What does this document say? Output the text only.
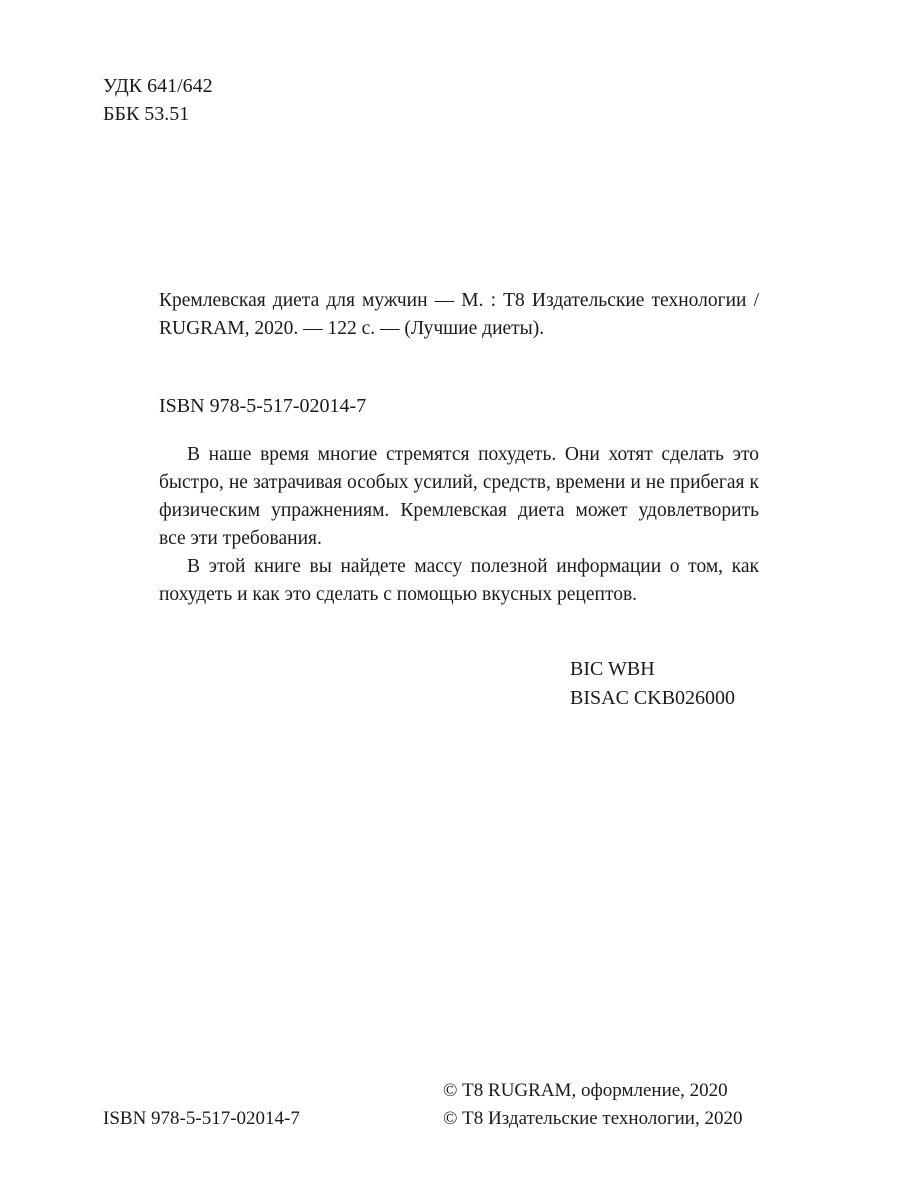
УДК 641/642
ББК 53.51
Кремлевская диета для мужчин — М. : Т8 Издательские технологии / RUGRAM, 2020. — 122 с. — (Лучшие диеты).
ISBN 978-5-517-02014-7

В наше время многие стремятся похудеть. Они хотят сделать это быстро, не затрачивая особых усилий, средств, времени и не прибегая к физическим упражнениям. Кремлевская диета может удовлетворить все эти требования.

В этой книге вы найдете массу полезной информации о том, как похудеть и как это сделать с помощью вкусных рецептов.

BIC WBH
BISAC CKB026000
© Т8 RUGRAM, оформление, 2020
© Т8 Издательские технологии, 2020
ISBN 978-5-517-02014-7
